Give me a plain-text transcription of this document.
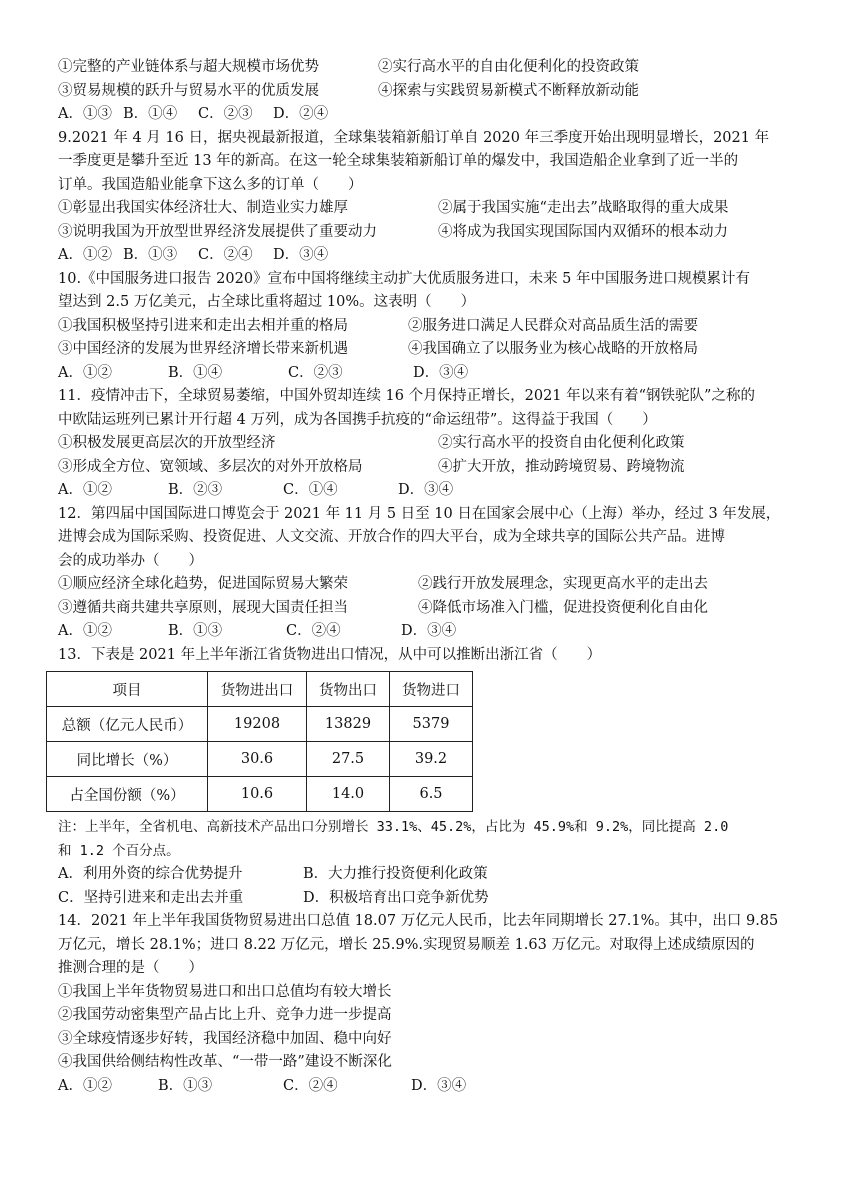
①完整的产业链体系与超大规模市场优势	②实行高水平的自由化便利化的投资政策
③贸易规模的跃升与贸易水平的优质发展	④探索与实践贸易新模式不断释放新动能
A．①③ B．①④	C．②③	D．②④
9.2021 年 4 月 16 日，据央视最新报道，全球集装箱新船订单自 2020 年三季度开始出现明显增长，2021 年
一季度更是攀升至近 13 年的新高。在这一轮全球集装箱新船订单的爆发中，我国造船企业拿到了近一半的
订单。我国造船业能拿下这么多的订单（　　）
①彰显出我国实体经济壮大、制造业实力雄厚	②属于我国实施“走出去”战略取得的重大成果
③说明我国为开放型世界经济发展提供了重要动力	④将成为我国实现国际国内双循环的根本动力
A．①② B．①③	C．②④	D．③④
10.《中国服务进口报告 2020》宣布中国将继续主动扩大优质服务进口，未来 5 年中国服务进口规模累计有
望达到 2.5 万亿美元，占全球比重将超过 10%。这表明（　　）
①我国积极坚持引进来和走出去相并重的格局	②服务进口满足人民群众对高品质生活的需要
③中国经济的发展为世界经济增长带来新机遇	④我国确立了以服务业为核心战略的开放格局
A．①②	B．①④	C．②③	D．③④
11．疫情冲击下，全球贸易萎缩，中国外贸却连续 16 个月保持正增长，2021 年以来有着“钢铁驼队”之称的
中欧陆运班列已累计开行超 4 万列，成为各国携手抗疫的“命运纽带”。这得益于我国（　　）
①积极发展更高层次的开放型经济	②实行高水平的投资自由化便利化政策
③形成全方位、宽领域、多层次的对外开放格局	④扩大开放，推动跨境贸易、跨境物流
A．①②	B．②③	C．①④	D．③④
12．第四届中国国际进口博览会于 2021 年 11 月 5 日至 10 日在国家会展中心（上海）举办，经过 3 年发展，
进博会成为国际采购、投资促进、人文交流、开放合作的四大平台，成为全球共享的国际公共产品。进博
会的成功举办（　　）
①顺应经济全球化趋势，促进国际贸易大繁荣	②践行开放发展理念，实现更高水平的走出去
③遵循共商共建共享原则，展现大国责任担当	④降低市场准入门槛，促进投资便利化自由化
A．①②	B．①③	C．②④	D．③④
13．下表是 2021 年上半年浙江省货物进出口情况，从中可以推断出浙江省（　　）
项目	货物进出口	货物出口	货物进口
总额（亿元人民币）	19208	13829	5379
同比增长（%）	30.6	27.5	39.2
占全国份额（%）	10.6	14.0	6.5
注：上半年，全省机电、高新技术产品出口分别增长 33.1%、45.2%，占比为 45.9%和 9.2%，同比提高 2.0
和 1.2 个百分点。
A．利用外资的综合优势提升	B．大力推行投资便利化政策
C．坚持引进来和走出去并重	D．积极培育出口竞争新优势
14．2021 年上半年我国货物贸易进出口总值 18.07 万亿元人民币，比去年同期增长 27.1%。其中，出口 9.85
万亿元，增长 28.1%；进口 8.22 万亿元，增长 25.9%.实现贸易顺差 1.63 万亿元。对取得上述成绩原因的
推测合理的是（　　）
①我国上半年货物贸易进口和出口总值均有较大增长
②我国劳动密集型产品占比上升、竞争力进一步提高
③全球疫情逐步好转，我国经济稳中加固、稳中向好
④我国供给侧结构性改革、“一带一路”建设不断深化
A．①②	B．①③	C．②④	D．③④
